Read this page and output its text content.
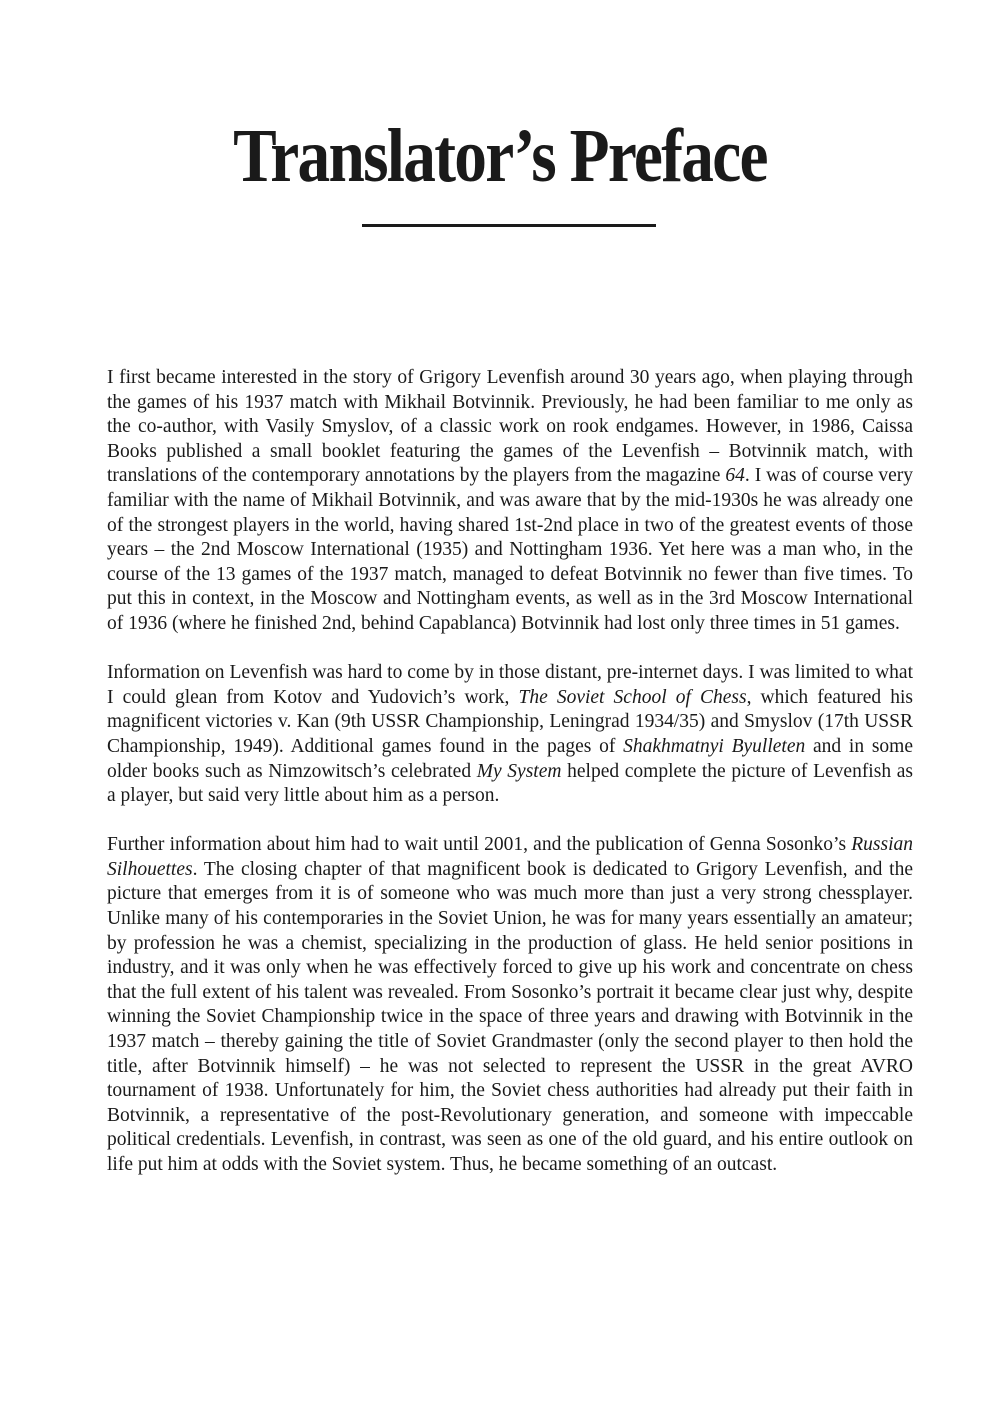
Translator’s Preface

I first became interested in the story of Grigory Levenfish around 30 years ago, when playing through the games of his 1937 match with Mikhail Botvinnik. Previously, he had been familiar to me only as the co-author, with Vasily Smyslov, of a classic work on rook endgames. However, in 1986, Caissa Books published a small booklet featuring the games of the Levenfish – Botvinnik match, with translations of the contemporary annotations by the players from the magazine 64. I was of course very familiar with the name of Mikhail Botvinnik, and was aware that by the mid-1930s he was already one of the strongest players in the world, having shared 1st-2nd place in two of the greatest events of those years – the 2nd Moscow International (1935) and Nottingham 1936. Yet here was a man who, in the course of the 13 games of the 1937 match, managed to defeat Botvinnik no fewer than five times. To put this in context, in the Moscow and Nottingham events, as well as in the 3rd Moscow International of 1936 (where he finished 2nd, behind Capablanca) Botvinnik had lost only three times in 51 games.

Information on Levenfish was hard to come by in those distant, pre-internet days. I was limited to what I could glean from Kotov and Yudovich’s work, The Soviet School of Chess, which featured his magnificent victories v. Kan (9th USSR Championship, Leningrad 1934/35) and Smyslov (17th USSR Championship, 1949). Additional games found in the pages of Shakhmatnyi Byulleten and in some older books such as Nimzowitsch’s celebrated My System helped complete the picture of Levenfish as a player, but said very little about him as a person.

Further information about him had to wait until 2001, and the publication of Genna Sosonko’s Russian Silhouettes. The closing chapter of that magnificent book is dedicated to Grigory Levenfish, and the picture that emerges from it is of someone who was much more than just a very strong chessplayer. Unlike many of his contemporaries in the Soviet Union, he was for many years essentially an amateur; by profession he was a chemist, specializing in the production of glass. He held senior positions in industry, and it was only when he was effectively forced to give up his work and concentrate on chess that the full extent of his talent was revealed. From Sosonko’s portrait it became clear just why, despite winning the Soviet Championship twice in the space of three years and drawing with Botvinnik in the 1937 match – thereby gaining the title of Soviet Grandmaster (only the second player to then hold the title, after Botvinnik himself) – he was not selected to represent the USSR in the great AVRO tournament of 1938. Unfortunately for him, the Soviet chess authorities had already put their faith in Botvinnik, a representative of the post-Revolutionary generation, and someone with impeccable political credentials. Levenfish, in contrast, was seen as one of the old guard, and his entire outlook on life put him at odds with the Soviet system. Thus, he became something of an outcast.
